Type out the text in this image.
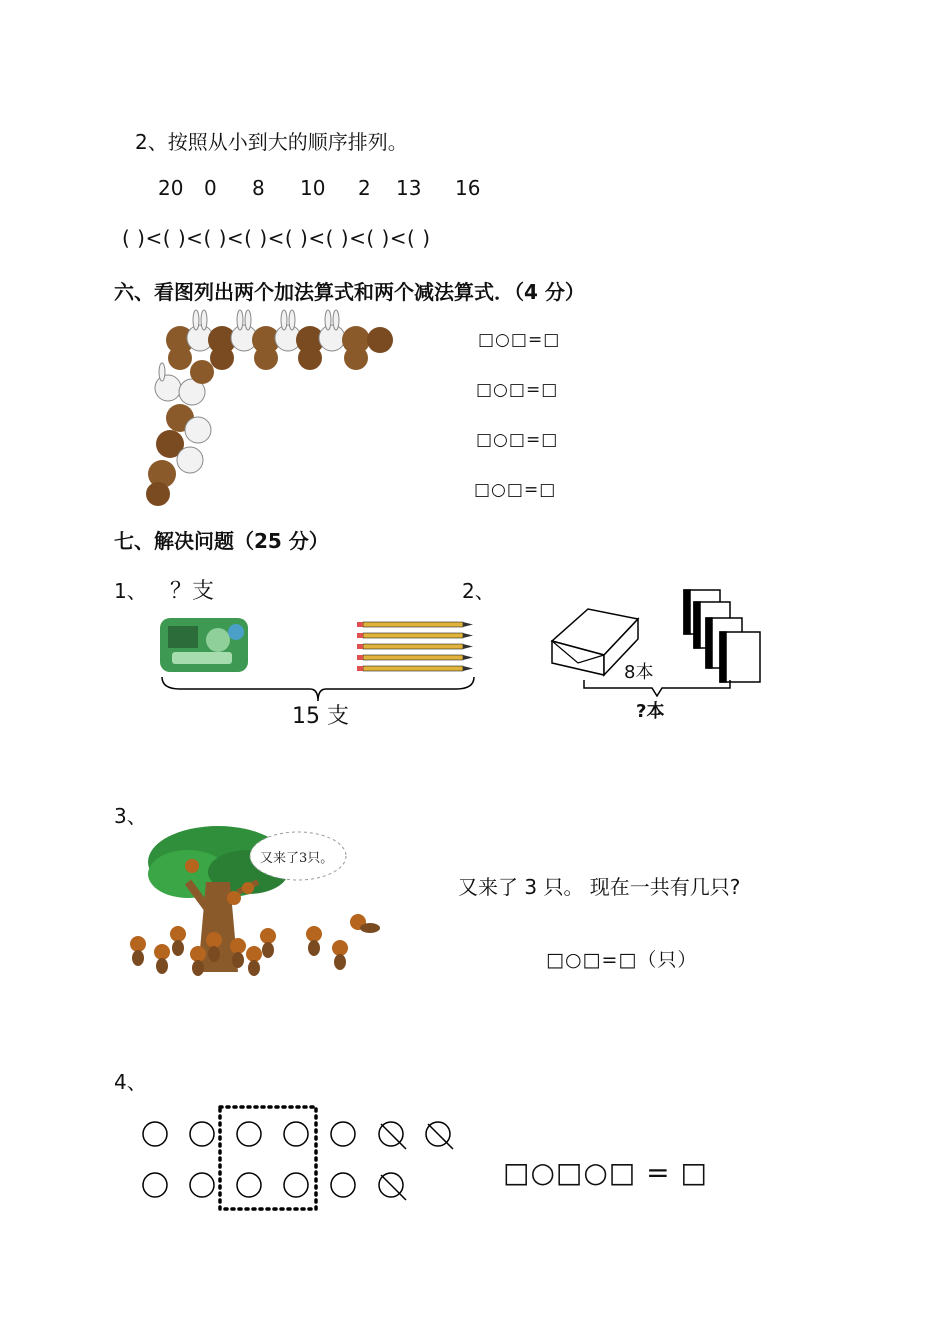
2、按照从小到大的顺序排列。
20 0 8 10 2 13 16
( )<( )<( )<( )<( )<( )<( )<( )
六、看图列出两个加法算式和两个减法算式．（4 分）
□○□=□
□○□=□
□○□=□
□○□=□
七、解决问题（25 分）
1、 ？支
15 支
2、
8本
?本
3、
又来了3只。
又来了 3 只。 现在一共有几只?
□○□=□（只）
4、
□○□○□ = □
